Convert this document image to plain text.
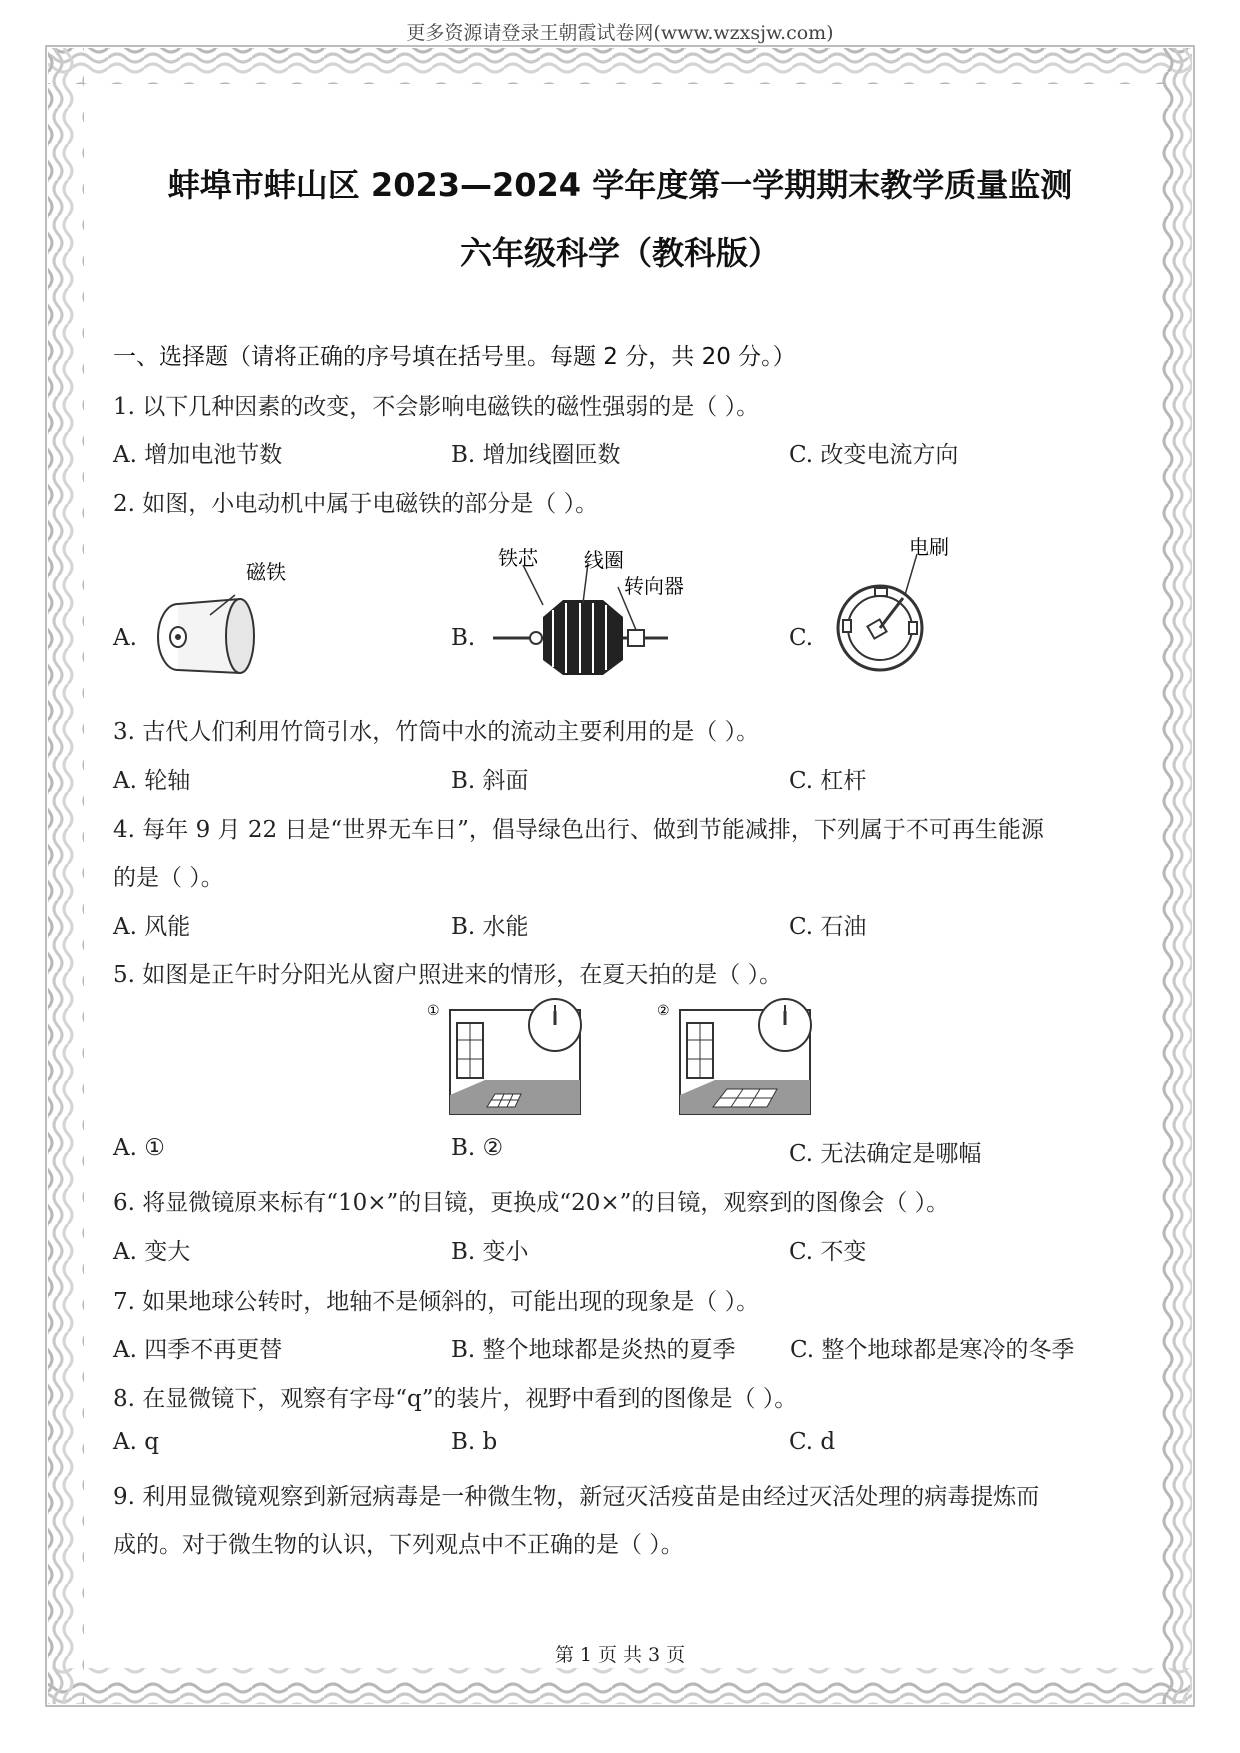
更多资源请登录王朝霞试卷网(www.wzxsjw.com)
蚌埠市蚌山区 2023—2024 学年度第一学期期末教学质量监测
六年级科学（教科版）
一、选择题（请将正确的序号填在括号里。每题 2 分，共 20 分。）
1. 以下几种因素的改变，不会影响电磁铁的磁性强弱的是（ ）。
A. 增加电池节数	B. 增加线圈匝数	C. 改变电流方向
2. 如图，小电动机中属于电磁铁的部分是（ ）。
A.	B.	C.
磁铁
铁芯 线圈
转向器
电刷
3. 古代人们利用竹筒引水，竹筒中水的流动主要利用的是（ ）。
A. 轮轴	B. 斜面	C. 杠杆
4. 每年 9 月 22 日是“世界无车日”，倡导绿色出行、做到节能减排，下列属于不可再生能源
的是（ ）。
A. 风能	B. 水能	C. 石油
5. 如图是正午时分阳光从窗户照进来的情形，在夏天拍的是（ ）。
①	②
A. ①	B. ②	C. 无法确定是哪幅
6. 将显微镜原来标有“10×”的目镜，更换成“20×”的目镜，观察到的图像会（ ）。
A. 变大	B. 变小	C. 不变
7. 如果地球公转时，地轴不是倾斜的，可能出现的现象是（ ）。
A. 四季不再更替	B. 整个地球都是炎热的夏季 C. 整个地球都是寒冷的冬季
8. 在显微镜下，观察有字母“q”的装片，视野中看到的图像是（ ）。
A. q	B. b	C. d
9. 利用显微镜观察到新冠病毒是一种微生物，新冠灭活疫苗是由经过灭活处理的病毒提炼而
成的。对于微生物的认识，下列观点中不正确的是（ ）。
第 1 页 共 3 页
